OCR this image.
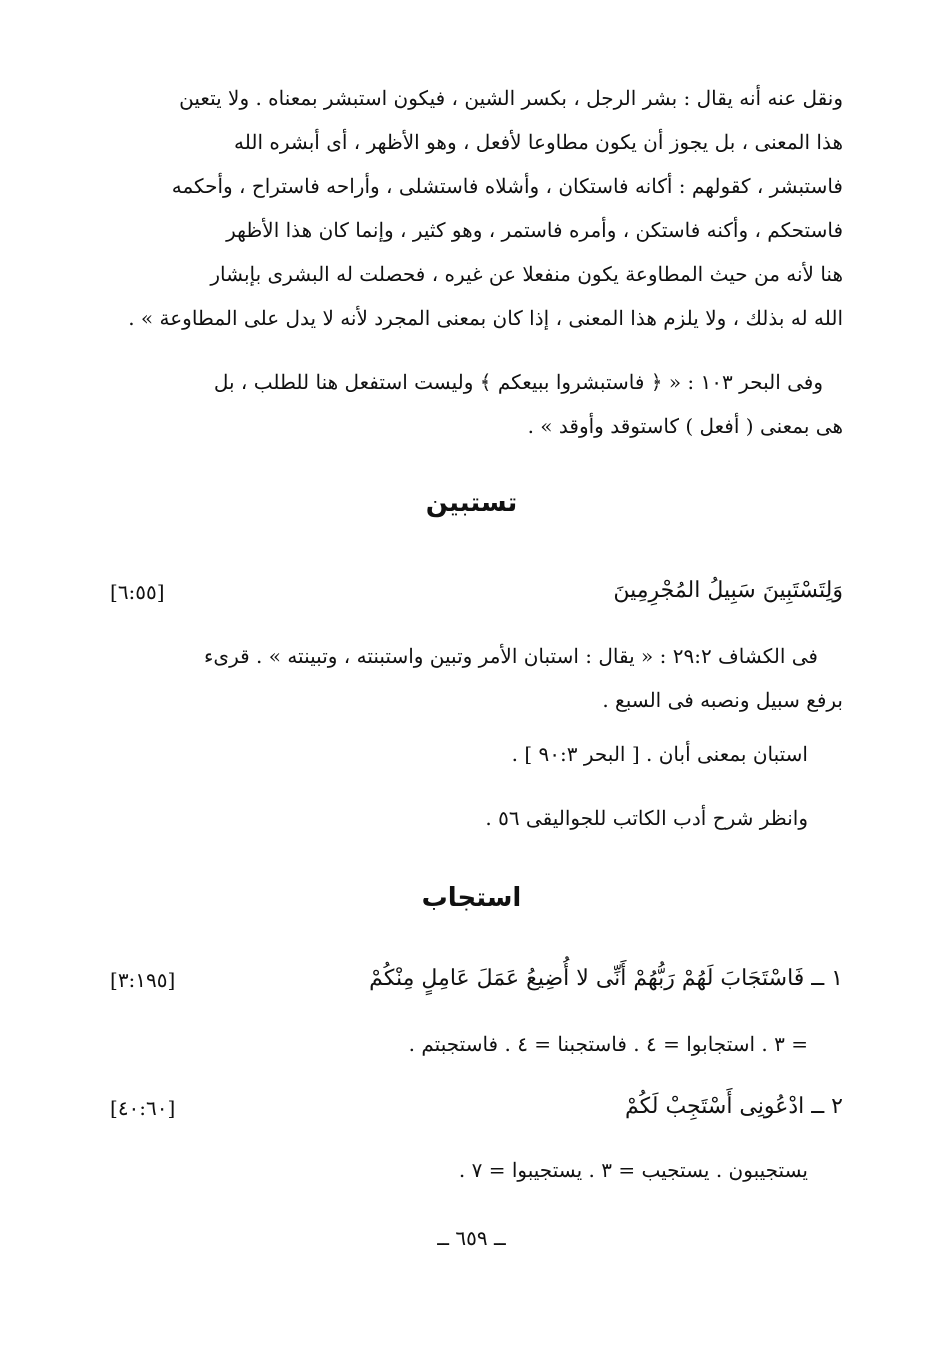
ونقل عنه أنه يقال : بشر الرجل ، بكسر الشين ، فيكون استبشر بمعناه . ولا يتعين
هذا المعنى ، بل يجوز أن يكون مطاوعا لأفعل ، وهو الأظهر ، أى أبشره الله
فاستبشر ، كقولهم : أكانه فاستكان ، وأشلاه فاستشلى ، وأراحه فاستراح ، وأحكمه
فاستحكم ، وأكنه فاستكن ، وأمره فاستمر ، وهو كثير ، وإنما كان هذا الأظهر
هنا لأنه من حيث المطاوعة يكون منفعلا عن غيره ، فحصلت له البشرى بإبشار
الله له بذلك ، ولا يلزم هذا المعنى ، إذا كان بمعنى المجرد لأنه لا يدل على المطاوعة » .
وفى البحر ١٠٣ : « ﴿ فاستبشروا ببيعكم ﴾ وليست استفعل هنا للطلب ، بل
هى بمعنى ( أفعل ) كاستوقد وأوقد » .
تستبين
وَلِتَسْتَبِينَ سَبِيلُ المُجْرِمِينَ
[٦:٥٥]
فى الكشاف ٢٩:٢ : « يقال : استبان الأمر وتبين واستبنته ، وتبينته » . قرىء
برفع سبيل ونصبه فى السبع .
استبان بمعنى أبان . [ البحر ٩٠:٣ ] .
وانظر شرح أدب الكاتب للجواليقى ٥٦ .
استجاب
١ ــ فَاسْتَجَابَ لَهُمْ رَبُّهُمْ أَنِّى لا أُضِيعُ عَمَلَ عَامِلٍ مِنْكُمْ
[٣:١٩٥]
= ٣ . استجابوا = ٤ . فاستجبنا = ٤ . فاستجبتم .
٢ ــ ادْعُونِى أَسْتَجِبْ لَكُمْ
[٤٠:٦٠]
يستجيبون . يستجيب = ٣ . يستجيبوا = ٧ .
ــ ٦٥٩ ــ
